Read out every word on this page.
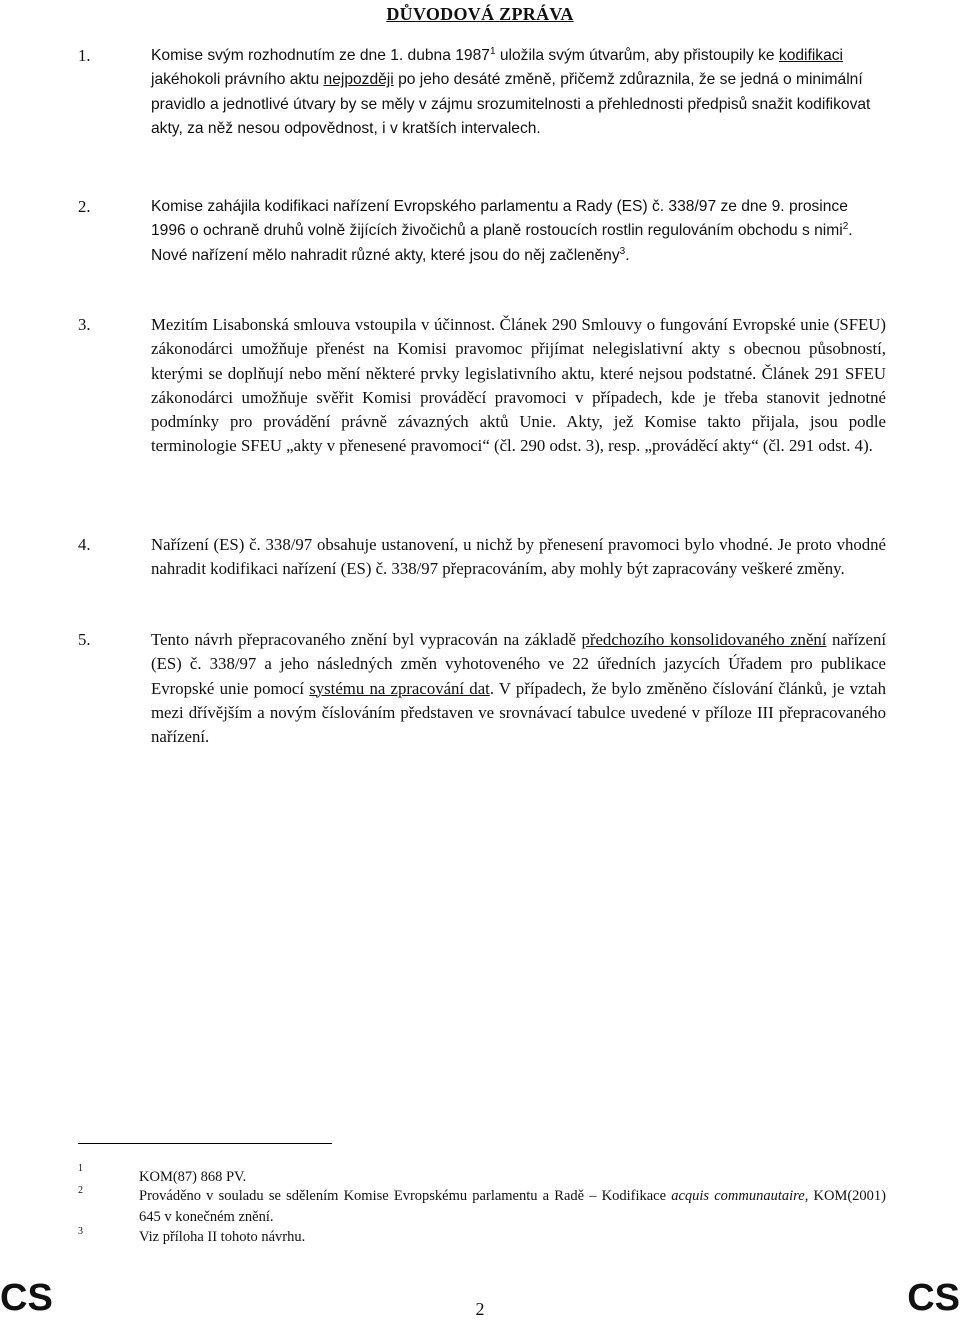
DŮVODOVÁ ZPRÁVA
1.	Komise svým rozhodnutím ze dne 1. dubna 1987$^1$ uložila svým útvarům, aby přistoupily ke kodifikaci jakéhokoli právního aktu nejpozději po jeho desáté změně, přičemž zdůraznila, že se jedná o minimální pravidlo a jednotlivé útvary by se měly v zájmu srozumitelnosti a přehlednosti předpisů snažit kodifikovat akty, za něž nesou odpovědnost, i v kratších intervalech.
2.	Komise zahájila kodifikaci nařízení Evropského parlamentu a Rady (ES) č. 338/97 ze dne 9. prosince 1996 o ochraně druhů volně žijících živočichů a planě rostoucích rostlin regulováním obchodu s nimi$^2$. Nové nařízení mělo nahradit různé akty, které jsou do něj začleněny$^3$.
3.	Mezitím Lisabonská smlouva vstoupila v účinnost. Článek 290 Smlouvy o fungování Evropské unie (SFEU) zákonodárci umožňuje přenést na Komisi pravomoc přijímat nelegislativní akty s obecnou působností, kterými se doplňují nebo mění některé prvky legislativního aktu, které nejsou podstatné. Článek 291 SFEU zákonodárci umožňuje svěřit Komisi prováděcí pravomoci v případech, kde je třeba stanovit jednotné podmínky pro provádění právně závazných aktů Unie. Akty, jež Komise takto přijala, jsou podle terminologie SFEU „akty v přenesené pravomoci“ (čl. 290 odst. 3), resp. „prováděcí akty“ (čl. 291 odst. 4).
4.	Nařízení (ES) č. 338/97 obsahuje ustanovení, u nichž by přenesení pravomoci bylo vhodné. Je proto vhodné nahradit kodifikaci nařízení (ES) č. 338/97 přepracováním, aby mohly být zapracovány veškeré změny.
5.	Tento návrh přepracovaného znění byl vypracován na základě předchozího konsolidovaného znění nařízení (ES) č. 338/97 a jeho následných změn vyhotoveného ve 22 úředních jazycích Úřadem pro publikace Evropské unie pomocí systému na zpracování dat. V případech, že bylo změněno číslování článků, je vztah mezi dřívějším a novým číslováním představen ve srovnávací tabulce uvedené v příloze III přepracovaného nařízení.
1
KOM(87) 868 PV.
2	Prováděno v souladu se sdělením Komise Evropskému parlamentu a Radě – Kodifikace acquis communautaire, KOM(2001) 645 v konečném znění.
3	Viz příloha II tohoto návrhu.
CS	2	CS
